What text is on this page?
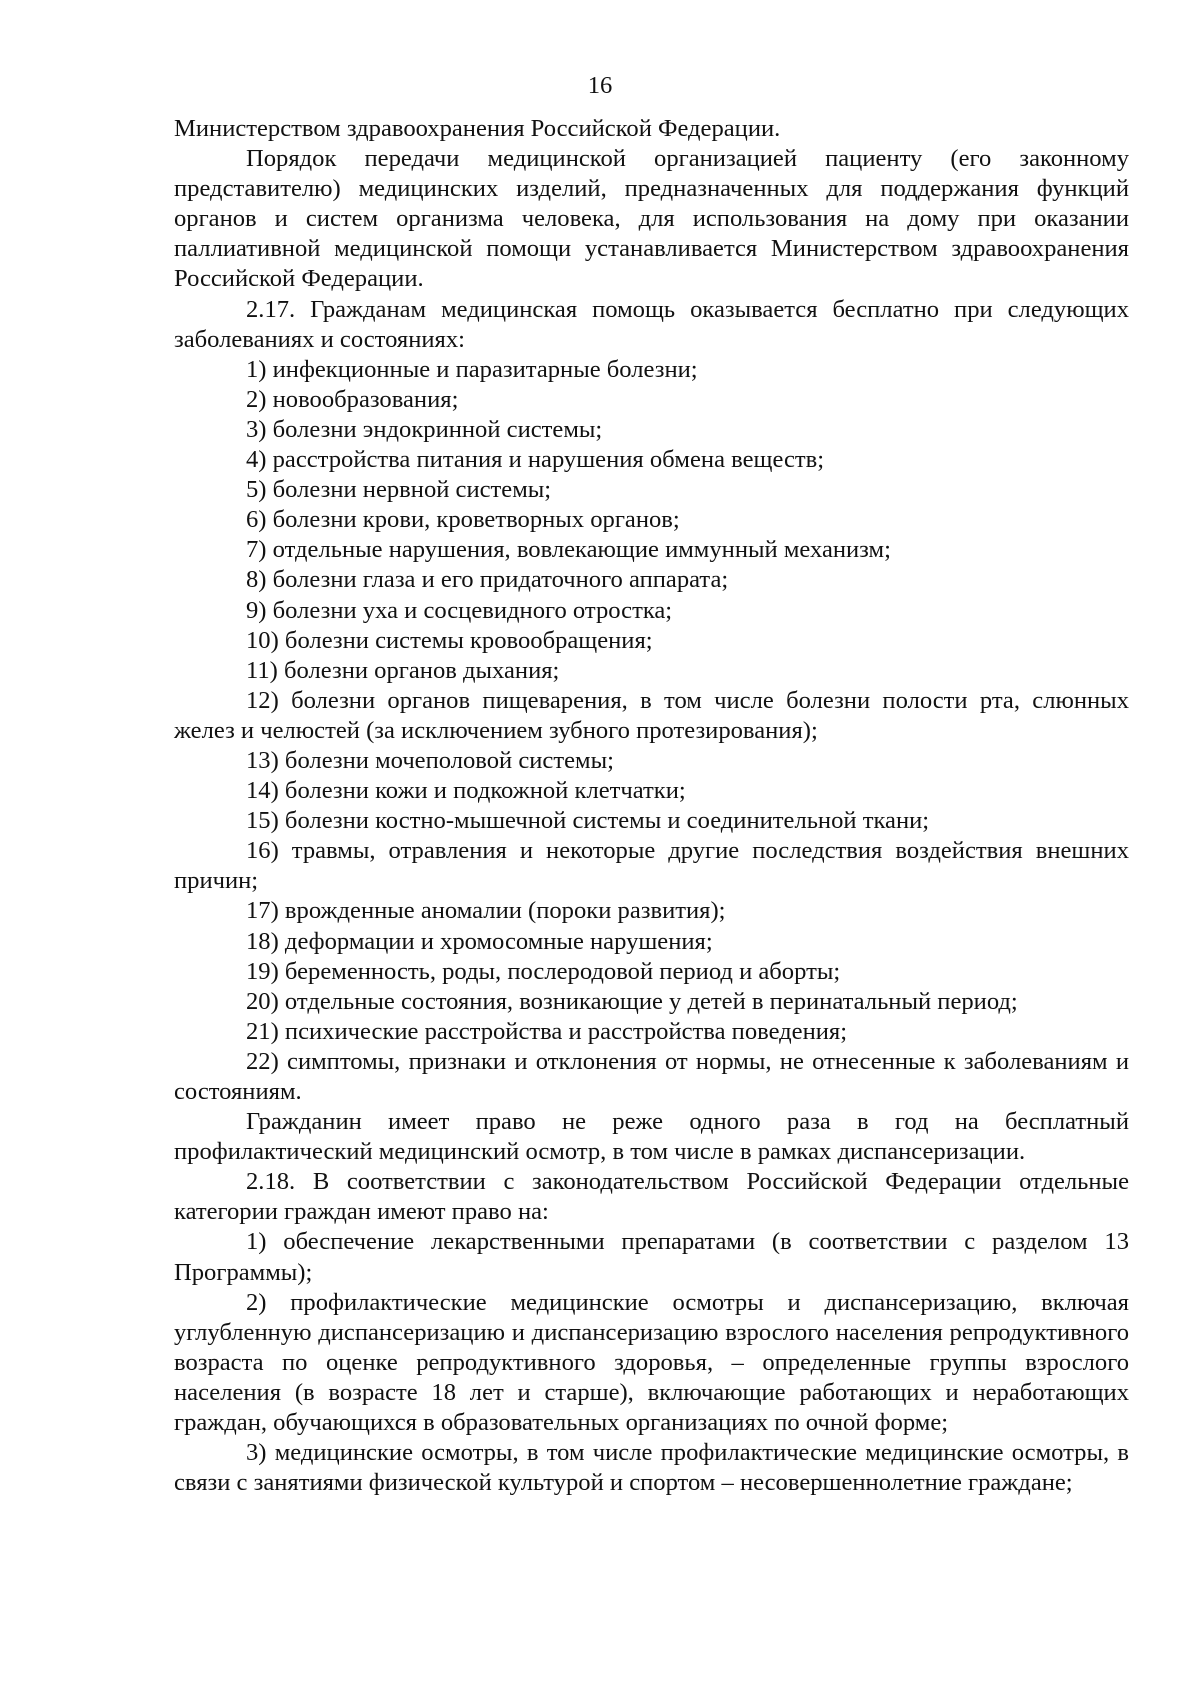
16

Министерством здравоохранения Российской Федерации.

Порядок передачи медицинской организацией пациенту (его законному представителю) медицинских изделий, предназначенных для поддержания функций органов и систем организма человека, для использования на дому при оказании паллиативной медицинской помощи устанавливается Министерством здравоохранения Российской Федерации.

2.17. Гражданам медицинская помощь оказывается бесплатно при следующих заболеваниях и состояниях:

1) инфекционные и паразитарные болезни;

2) новообразования;

3) болезни эндокринной системы;

4) расстройства питания и нарушения обмена веществ;

5) болезни нервной системы;

6) болезни крови, кроветворных органов;

7) отдельные нарушения, вовлекающие иммунный механизм;

8) болезни глаза и его придаточного аппарата;

9) болезни уха и сосцевидного отростка;

10) болезни системы кровообращения;

11) болезни органов дыхания;

12) болезни органов пищеварения, в том числе болезни полости рта, слюнных желез и челюстей (за исключением зубного протезирования);

13) болезни мочеполовой системы;

14) болезни кожи и подкожной клетчатки;

15) болезни костно-мышечной системы и соединительной ткани;

16) травмы, отравления и некоторые другие последствия воздействия внешних причин;

17) врожденные аномалии (пороки развития);

18) деформации и хромосомные нарушения;

19) беременность, роды, послеродовой период и аборты;

20) отдельные состояния, возникающие у детей в перинатальный период;

21) психические расстройства и расстройства поведения;

22) симптомы, признаки и отклонения от нормы, не отнесенные к заболеваниям и состояниям.

Гражданин имеет право не реже одного раза в год на бесплатный профилактический медицинский осмотр, в том числе в рамках диспансеризации.

2.18. В соответствии с законодательством Российской Федерации отдельные категории граждан имеют право на:

1) обеспечение лекарственными препаратами (в соответствии с разделом 13 Программы);

2) профилактические медицинские осмотры и диспансеризацию, включая углубленную диспансеризацию и диспансеризацию взрослого населения репродуктивного возраста по оценке репродуктивного здоровья, – определенные группы взрослого населения (в возрасте 18 лет и старше), включающие работающих и неработающих граждан, обучающихся в образовательных организациях по очной форме;

3) медицинские осмотры, в том числе профилактические медицинские осмотры, в связи с занятиями физической культурой и спортом – несовершеннолетние граждане;
